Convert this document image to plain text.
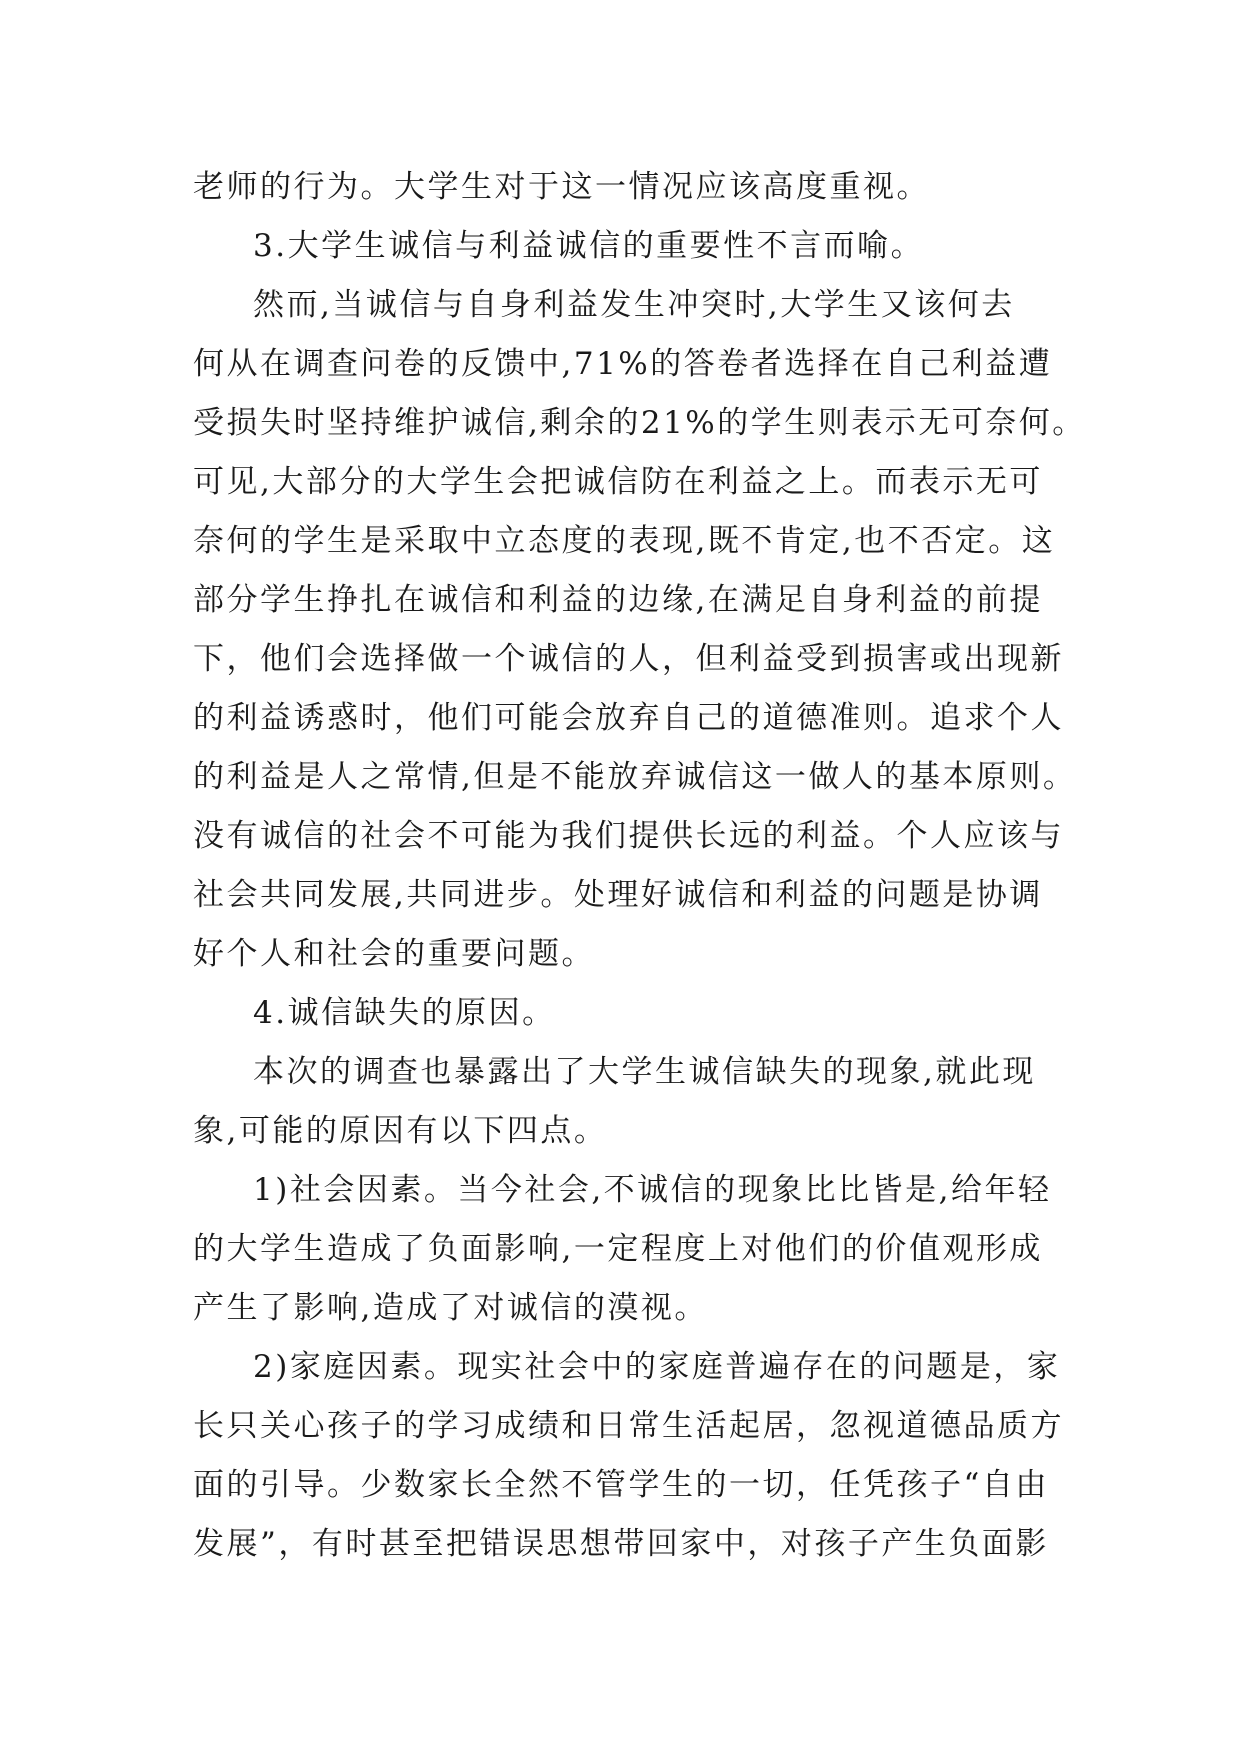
老师的行为。大学生对于这一情况应该高度重视。
3.大学生诚信与利益诚信的重要性不言而喻。
然而,当诚信与自身利益发生冲突时,大学生又该何去
何从在调查问卷的反馈中,71%的答卷者选择在自己利益遭
受损失时坚持维护诚信,剩余的21%的学生则表示无可奈何。
可见,大部分的大学生会把诚信防在利益之上。而表示无可
奈何的学生是采取中立态度的表现,既不肯定,也不否定。这
部分学生挣扎在诚信和利益的边缘,在满足自身利益的前提
下，他们会选择做一个诚信的人，但利益受到损害或出现新
的利益诱惑时，他们可能会放弃自己的道德准则。追求个人
的利益是人之常情,但是不能放弃诚信这一做人的基本原则。
没有诚信的社会不可能为我们提供长远的利益。个人应该与
社会共同发展,共同进步。处理好诚信和利益的问题是协调
好个人和社会的重要问题。
4.诚信缺失的原因。
本次的调查也暴露出了大学生诚信缺失的现象,就此现
象,可能的原因有以下四点。
1)社会因素。当今社会,不诚信的现象比比皆是,给年轻
的大学生造成了负面影响,一定程度上对他们的价值观形成
产生了影响,造成了对诚信的漠视。
2)家庭因素。现实社会中的家庭普遍存在的问题是，家
长只关心孩子的学习成绩和日常生活起居，忽视道德品质方
面的引导。少数家长全然不管学生的一切，任凭孩子“自由
发展”，有时甚至把错误思想带回家中，对孩子产生负面影
